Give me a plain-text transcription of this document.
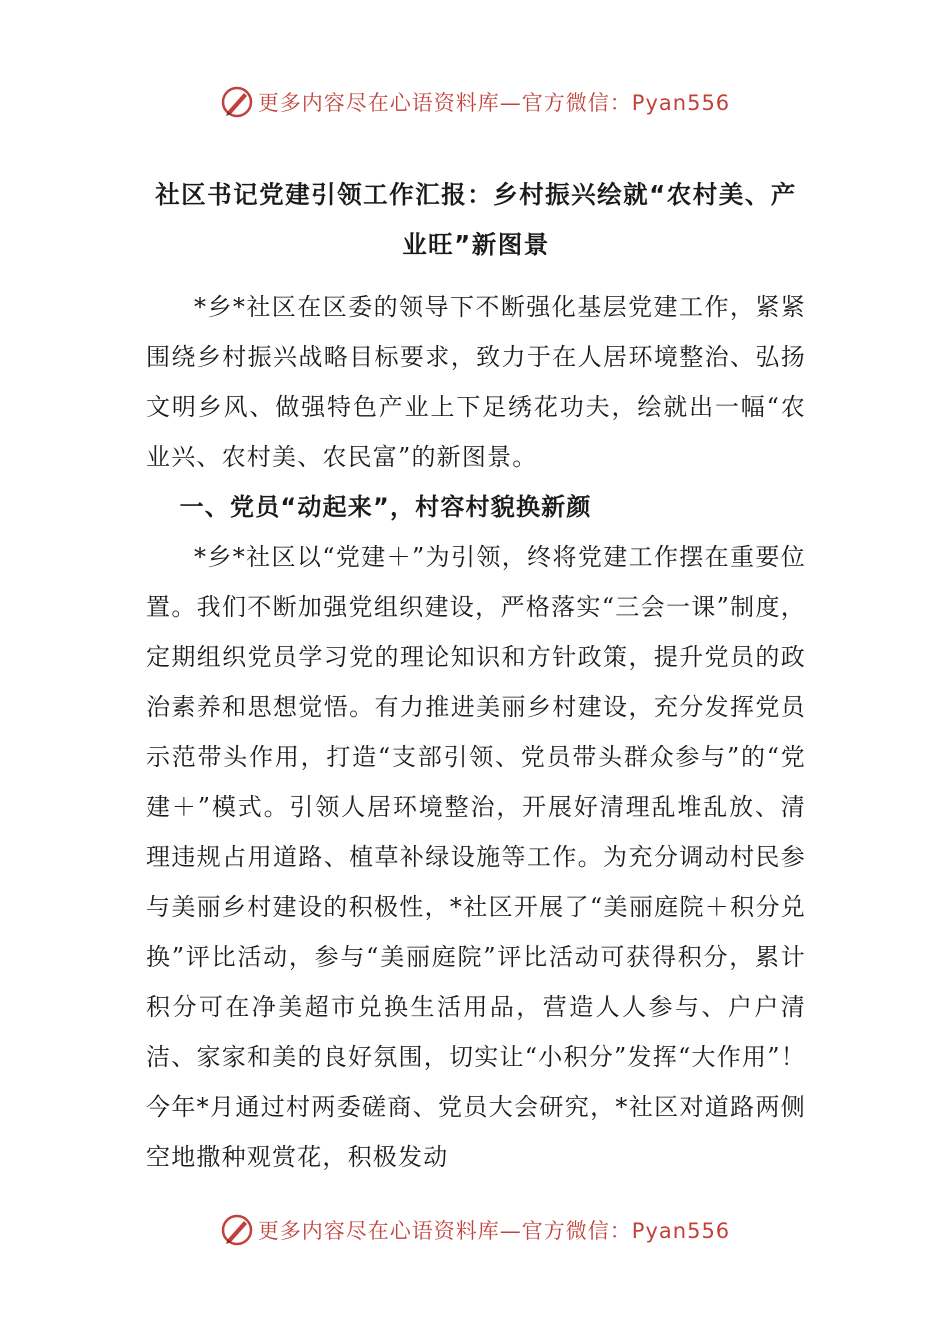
更多内容尽在心语资料库—官方微信：Pyan556
社区书记党建引领工作汇报：乡村振兴绘就“农村美、产业旺”新图景

*乡*社区在区委的领导下不断强化基层党建工作，紧紧围绕乡村振兴战略目标要求，致力于在人居环境整治、弘扬文明乡风、做强特色产业上下足绣花功夫，绘就出一幅“农业兴、农村美、农民富”的新图景。

一、党员“动起来”，村容村貌换新颜

*乡*社区以“党建＋”为引领，终将党建工作摆在重要位置。我们不断加强党组织建设，严格落实“三会一课”制度，定期组织党员学习党的理论知识和方针政策，提升党员的政治素养和思想觉悟。有力推进美丽乡村建设，充分发挥党员示范带头作用，打造“支部引领、党员带头群众参与”的“党建＋”模式。引领人居环境整治，开展好清理乱堆乱放、清理违规占用道路、植草补绿设施等工作。为充分调动村民参与美丽乡村建设的积极性，*社区开展了“美丽庭院＋积分兑换”评比活动，参与“美丽庭院”评比活动可获得积分，累计积分可在净美超市兑换生活用品，营造人人参与、户户清洁、家家和美的良好氛围，切实让“小积分”发挥“大作用”！今年*月通过村两委磋商、党员大会研究，*社区对道路两侧空地撒种观赏花，积极发动

更多内容尽在心语资料库—官方微信：Pyan556
